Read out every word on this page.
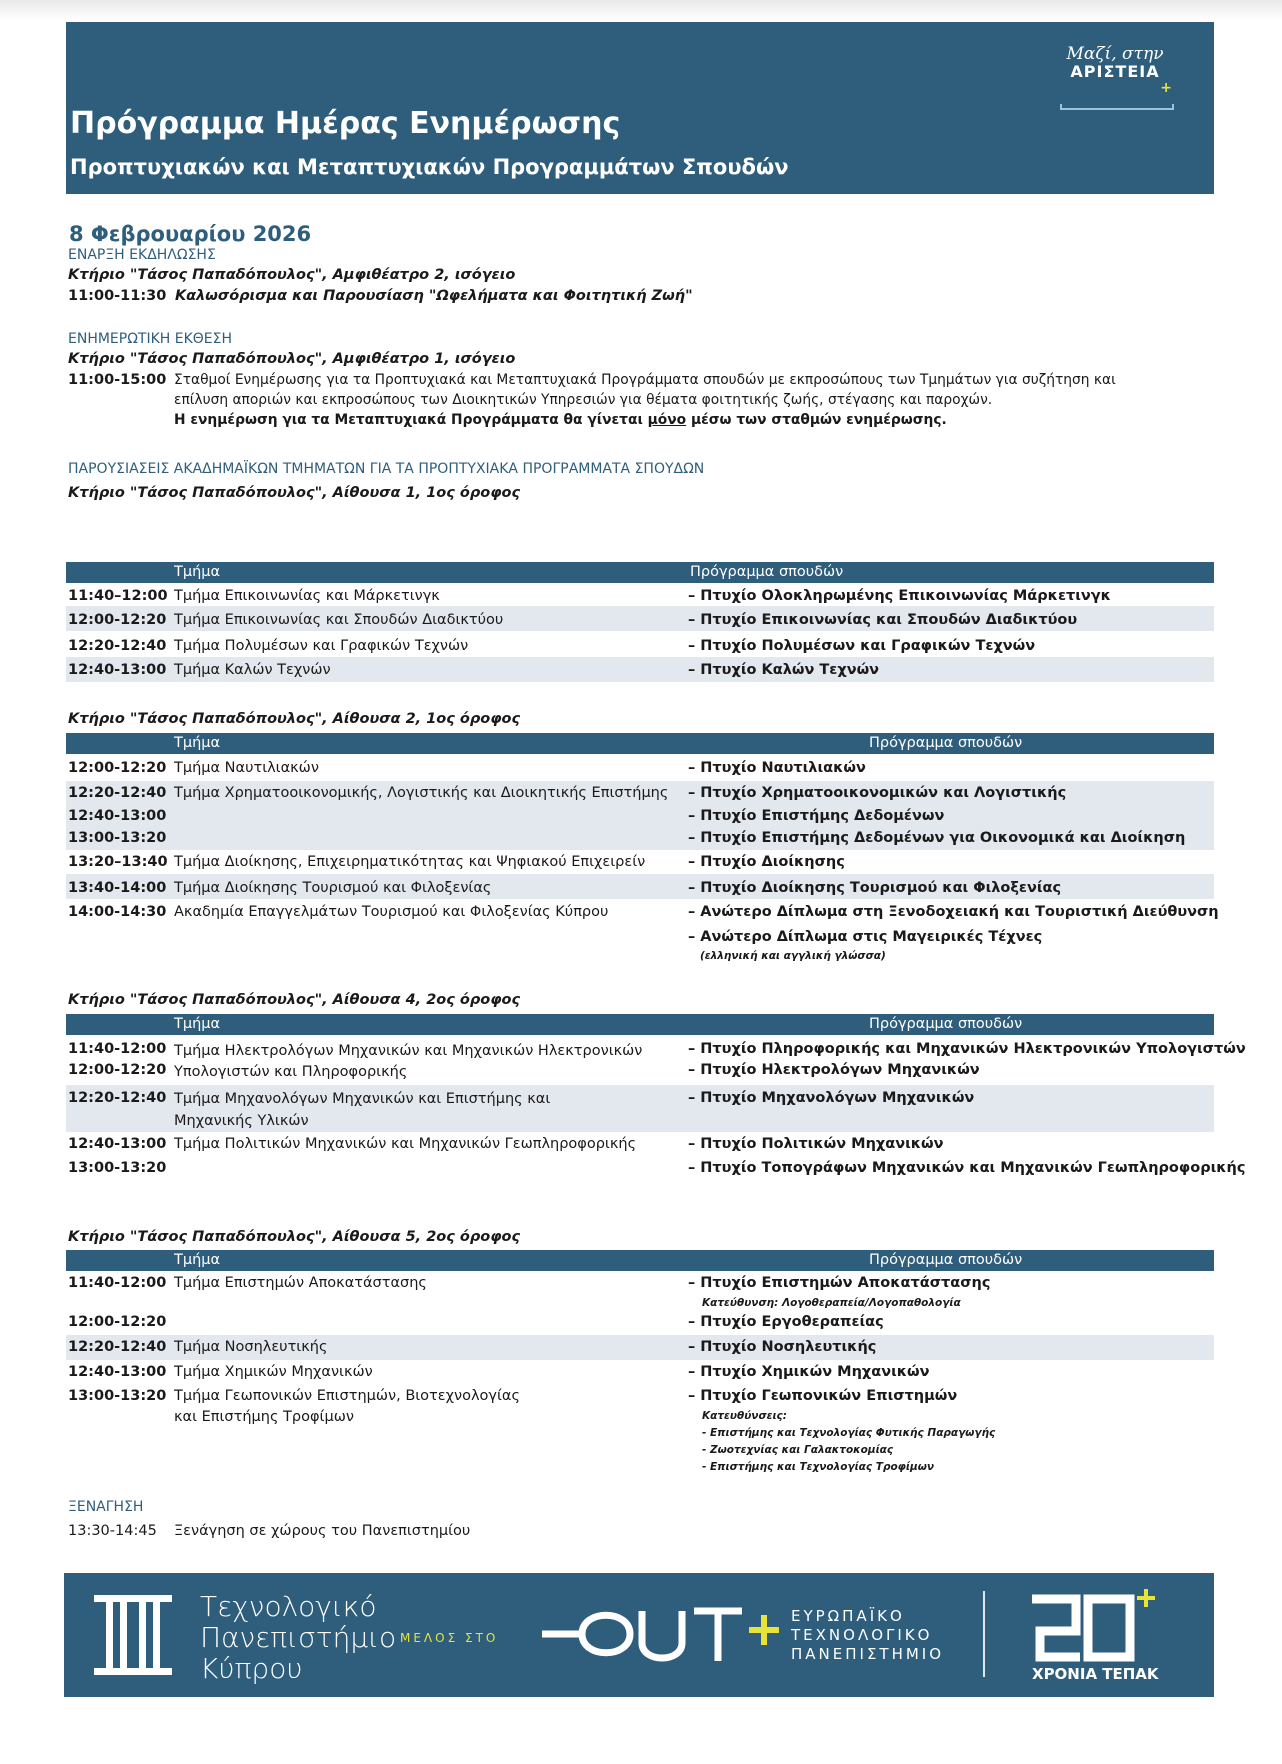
Μαζί, στην
ΑΡΙΣΤΕΙΑ
+
Πρόγραμμα Ημέρας Ενημέρωσης
Προπτυχιακών και Μεταπτυχιακών Προγραμμάτων Σπουδών
8 Φεβρουαρίου 2026
ΕΝΑΡΞΗ ΕΚΔΗΛΩΣΗΣ
Κτήριο "Τάσος Παπαδόπουλος", Αμφιθέατρο 2, ισόγειο
11:00-11:30 Καλωσόρισμα και Παρουσίαση "Ωφελήματα και Φοιτητική Ζωή"
ΕΝΗΜΕΡΩΤΙΚΗ ΕΚΘΕΣΗ
Κτήριο "Τάσος Παπαδόπουλος", Αμφιθέατρο 1, ισόγειο
11:00-15:00 Σταθμοί Ενημέρωσης για τα Προπτυχιακά και Μεταπτυχιακά Προγράμματα σπουδών με εκπροσώπους των Τμημάτων για συζήτηση και
επίλυση αποριών και εκπροσώπους των Διοικητικών Υπηρεσιών για θέματα φοιτητικής ζωής, στέγασης και παροχών.
Η ενημέρωση για τα Μεταπτυχιακά Προγράμματα θα γίνεται μόνο μέσω των σταθμών ενημέρωσης.
ΠΑΡΟΥΣΙΑΣΕΙΣ ΑΚΑΔΗΜΑΪΚΩΝ ΤΜΗΜΑΤΩΝ ΓΙΑ ΤΑ ΠΡΟΠΤΥΧΙΑΚΑ ΠΡΟΓΡΑΜΜΑΤΑ ΣΠΟΥΔΩΝ
Κτήριο "Τάσος Παπαδόπουλος", Αίθουσα 1, 1ος όροφος
Τμήμα	Πρόγραμμα σπουδών
11:40–12:00 Τμήμα Επικοινωνίας και Μάρκετινγκ	– Πτυχίο Ολοκληρωμένης Επικοινωνίας Μάρκετινγκ
12:00-12:20 Τμήμα Επικοινωνίας και Σπουδών Διαδικτύου	– Πτυχίο Επικοινωνίας και Σπουδών Διαδικτύου
12:20-12:40 Τμήμα Πολυμέσων και Γραφικών Τεχνών	– Πτυχίο Πολυμέσων και Γραφικών Τεχνών
12:40-13:00 Τμήμα Καλών Τεχνών	– Πτυχίο Καλών Τεχνών
Κτήριο "Τάσος Παπαδόπουλος", Αίθουσα 2, 1ος όροφος
Τμήμα	Πρόγραμμα σπουδών
12:00-12:20 Τμήμα Ναυτιλιακών	– Πτυχίο Ναυτιλιακών
12:20-12:40 Τμήμα Χρηματοοικονομικής, Λογιστικής και Διοικητικής Επιστήμης – Πτυχίο Χρηματοοικονομικών και Λογιστικής
12:40-13:00	– Πτυχίο Επιστήμης Δεδομένων
13:00-13:20	– Πτυχίο Επιστήμης Δεδομένων για Οικονομικά και Διοίκηση
13:20–13:40 Τμήμα Διοίκησης, Επιχειρηματικότητας και Ψηφιακού Επιχειρείν	– Πτυχίο Διοίκησης
13:40-14:00 Τμήμα Διοίκησης Τουρισμού και Φιλοξενίας	– Πτυχίο Διοίκησης Τουρισμού και Φιλοξενίας
14:00-14:30 Ακαδημία Επαγγελμάτων Τουρισμού και Φιλοξενίας Κύπρου	– Ανώτερο Δίπλωμα στη Ξενοδοχειακή και Τουριστική Διεύθυνση
– Ανώτερο Δίπλωμα στις Μαγειρικές Τέχνες
(ελληνική και αγγλική γλώσσα)
Κτήριο "Τάσος Παπαδόπουλος", Αίθουσα 4, 2ος όροφος
Τμήμα	Πρόγραμμα σπουδών
11:40-12:00 Τμήμα Ηλεκτρολόγων Μηχανικών και Μηχανικών Ηλεκτρονικών	– Πτυχίο Πληροφορικής και Μηχανικών Ηλεκτρονικών Υπολογιστών
12:00-12:20 Υπολογιστών και Πληροφορικής	– Πτυχίο Ηλεκτρολόγων Μηχανικών
12:20-12:40 Τμήμα Μηχανολόγων Μηχανικών και Επιστήμης και
Μηχανικής Υλικών
– Πτυχίο Μηχανολόγων Μηχανικών
12:40-13:00 Τμήμα Πολιτικών Μηχανικών και Μηχανικών Γεωπληροφορικής	– Πτυχίο Πολιτικών Μηχανικών
13:00-13:20	– Πτυχίο Τοπογράφων Μηχανικών και Μηχανικών Γεωπληροφορικής
Κτήριο "Τάσος Παπαδόπουλος", Αίθουσα 5, 2ος όροφος
Τμήμα	Πρόγραμμα σπουδών
11:40-12:00 Τμήμα Επιστημών Αποκατάστασης	– Πτυχίο Επιστημών Αποκατάστασης
Κατεύθυνση: Λογοθεραπεία/Λογοπαθολογία
12:00-12:20	– Πτυχίο Εργοθεραπείας
12:20-12:40 Τμήμα Νοσηλευτικής	– Πτυχίο Νοσηλευτικής
12:40-13:00 Τμήμα Χημικών Μηχανικών	– Πτυχίο Χημικών Μηχανικών
13:00-13:20 Τμήμα Γεωπονικών Επιστημών, Βιοτεχνολογίας
και Επιστήμης Τροφίμων
– Πτυχίο Γεωπονικών Επιστημών
Κατευθύνσεις:
- Επιστήμης και Τεχνολογίας Φυτικής Παραγωγής
- Ζωοτεχνίας και Γαλακτοκομίας
- Επιστήμης και Τεχνολογίας Τροφίμων
ΞΕΝΑΓΗΣΗ
13:30-14:45 Ξενάγηση σε χώρους του Πανεπιστημίου
Τεχνολογικό
Πανεπιστήμιο
Κύπρου
ΜΕΛΟΣ ΣΤΟ
ΕΥΡΩΠΑΪΚΟ
ΤΕΧΝΟΛΟΓΙΚΟ
ΠΑΝΕΠΙΣΤΗΜΙΟ
ΧΡΟΝΙΑ ΤΕΠΑΚ
